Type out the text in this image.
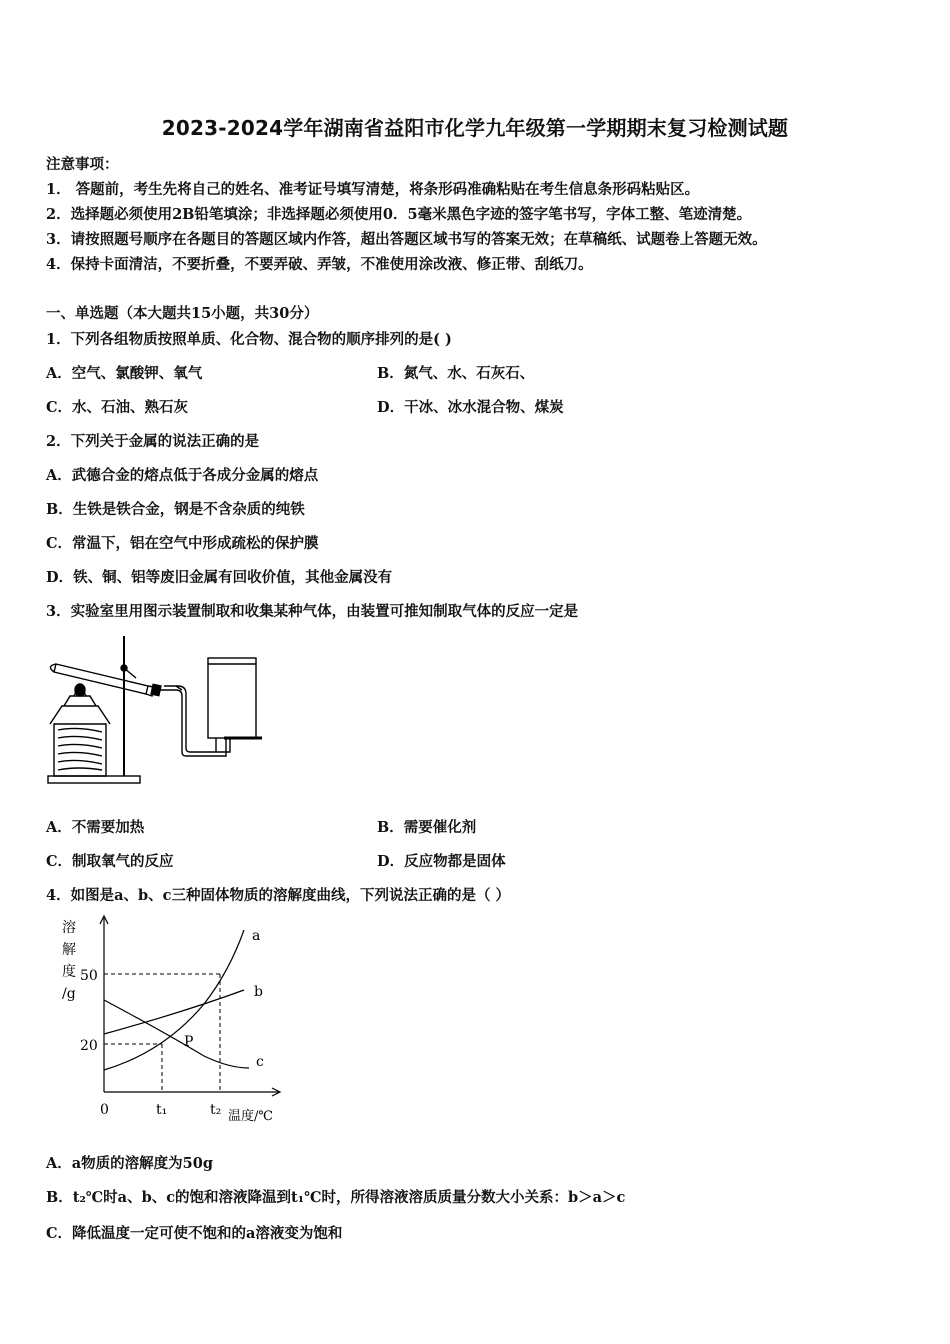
2023-2024学年湖南省益阳市化学九年级第一学期期末复习检测试题
注意事项：
1． 答题前，考生先将自己的姓名、准考证号填写清楚，将条形码准确粘贴在考生信息条形码粘贴区。
2．选择题必须使用2B铅笔填涂；非选择题必须使用0．5毫米黑色字迹的签字笔书写，字体工整、笔迹清楚。
3．请按照题号顺序在各题目的答题区域内作答，超出答题区域书写的答案无效；在草稿纸、试题卷上答题无效。
4．保持卡面清洁，不要折叠，不要弄破、弄皱，不准使用涂改液、修正带、刮纸刀。
一、单选题（本大题共15小题，共30分）
1．下列各组物质按照单质、化合物、混合物的顺序排列的是( )
A．空气、氯酸钾、氧气	B．氮气、水、石灰石、
C．水、石油、熟石灰	D．干冰、冰水混合物、煤炭
2．下列关于金属的说法正确的是
A．武德合金的熔点低于各成分金属的熔点
B．生铁是铁合金，钢是不含杂质的纯铁
C．常温下，铝在空气中形成疏松的保护膜
D．铁、铜、铝等废旧金属有回收价值，其他金属没有
3．实验室里用图示装置制取和收集某种气体，由装置可推知制取气体的反应一定是
A．不需要加热	B．需要催化剂
C．制取氧气的反应	D．反应物都是固体
4．如图是a、b、c三种固体物质的溶解度曲线，下列说法正确的是（ ）
溶
解
度
/g
50
20
0	t₁	t₂ 温度/℃
a
b
c
P
A．a物质的溶解度为50g
B．t₂℃时a、b、c的饱和溶液降温到t₁℃时，所得溶液溶质质量分数大小关系：b＞a＞c
C．降低温度一定可使不饱和的a溶液变为饱和
